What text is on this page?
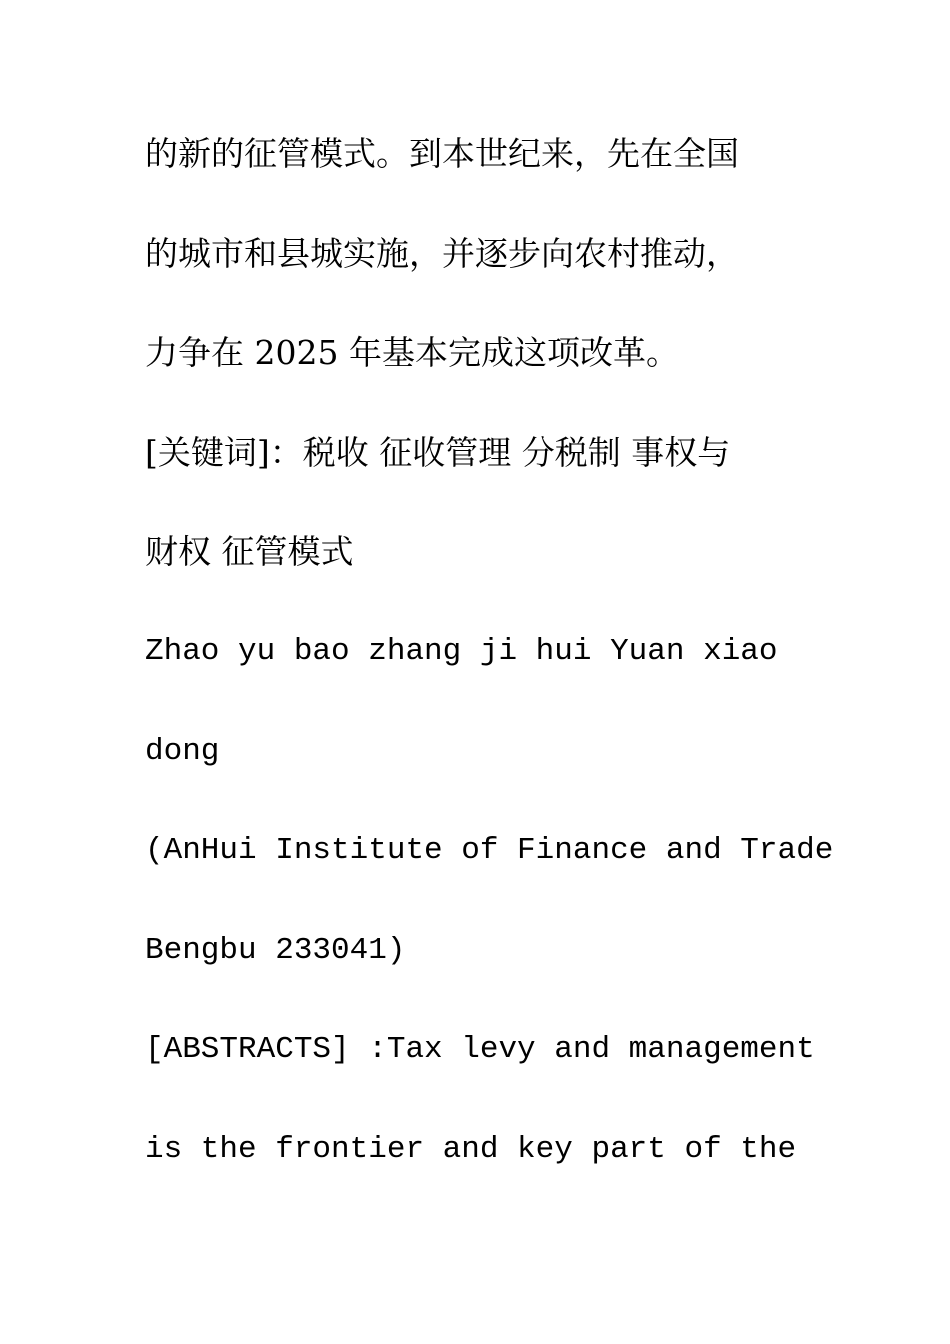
的新的征管模式。到本世纪来，先在全国
的城市和县城实施，并逐步向农村推动，
力争在 2025 年基本完成这项改革。
[关键词]：税收 征收管理 分税制 事权与
财权 征管模式
Zhao yu bao zhang ji hui Yuan xiao
dong
(AnHui Institute of Finance and Trade
Bengbu 233041)
[ABSTRACTS] :Tax levy and management
is the frontier and key part of the
